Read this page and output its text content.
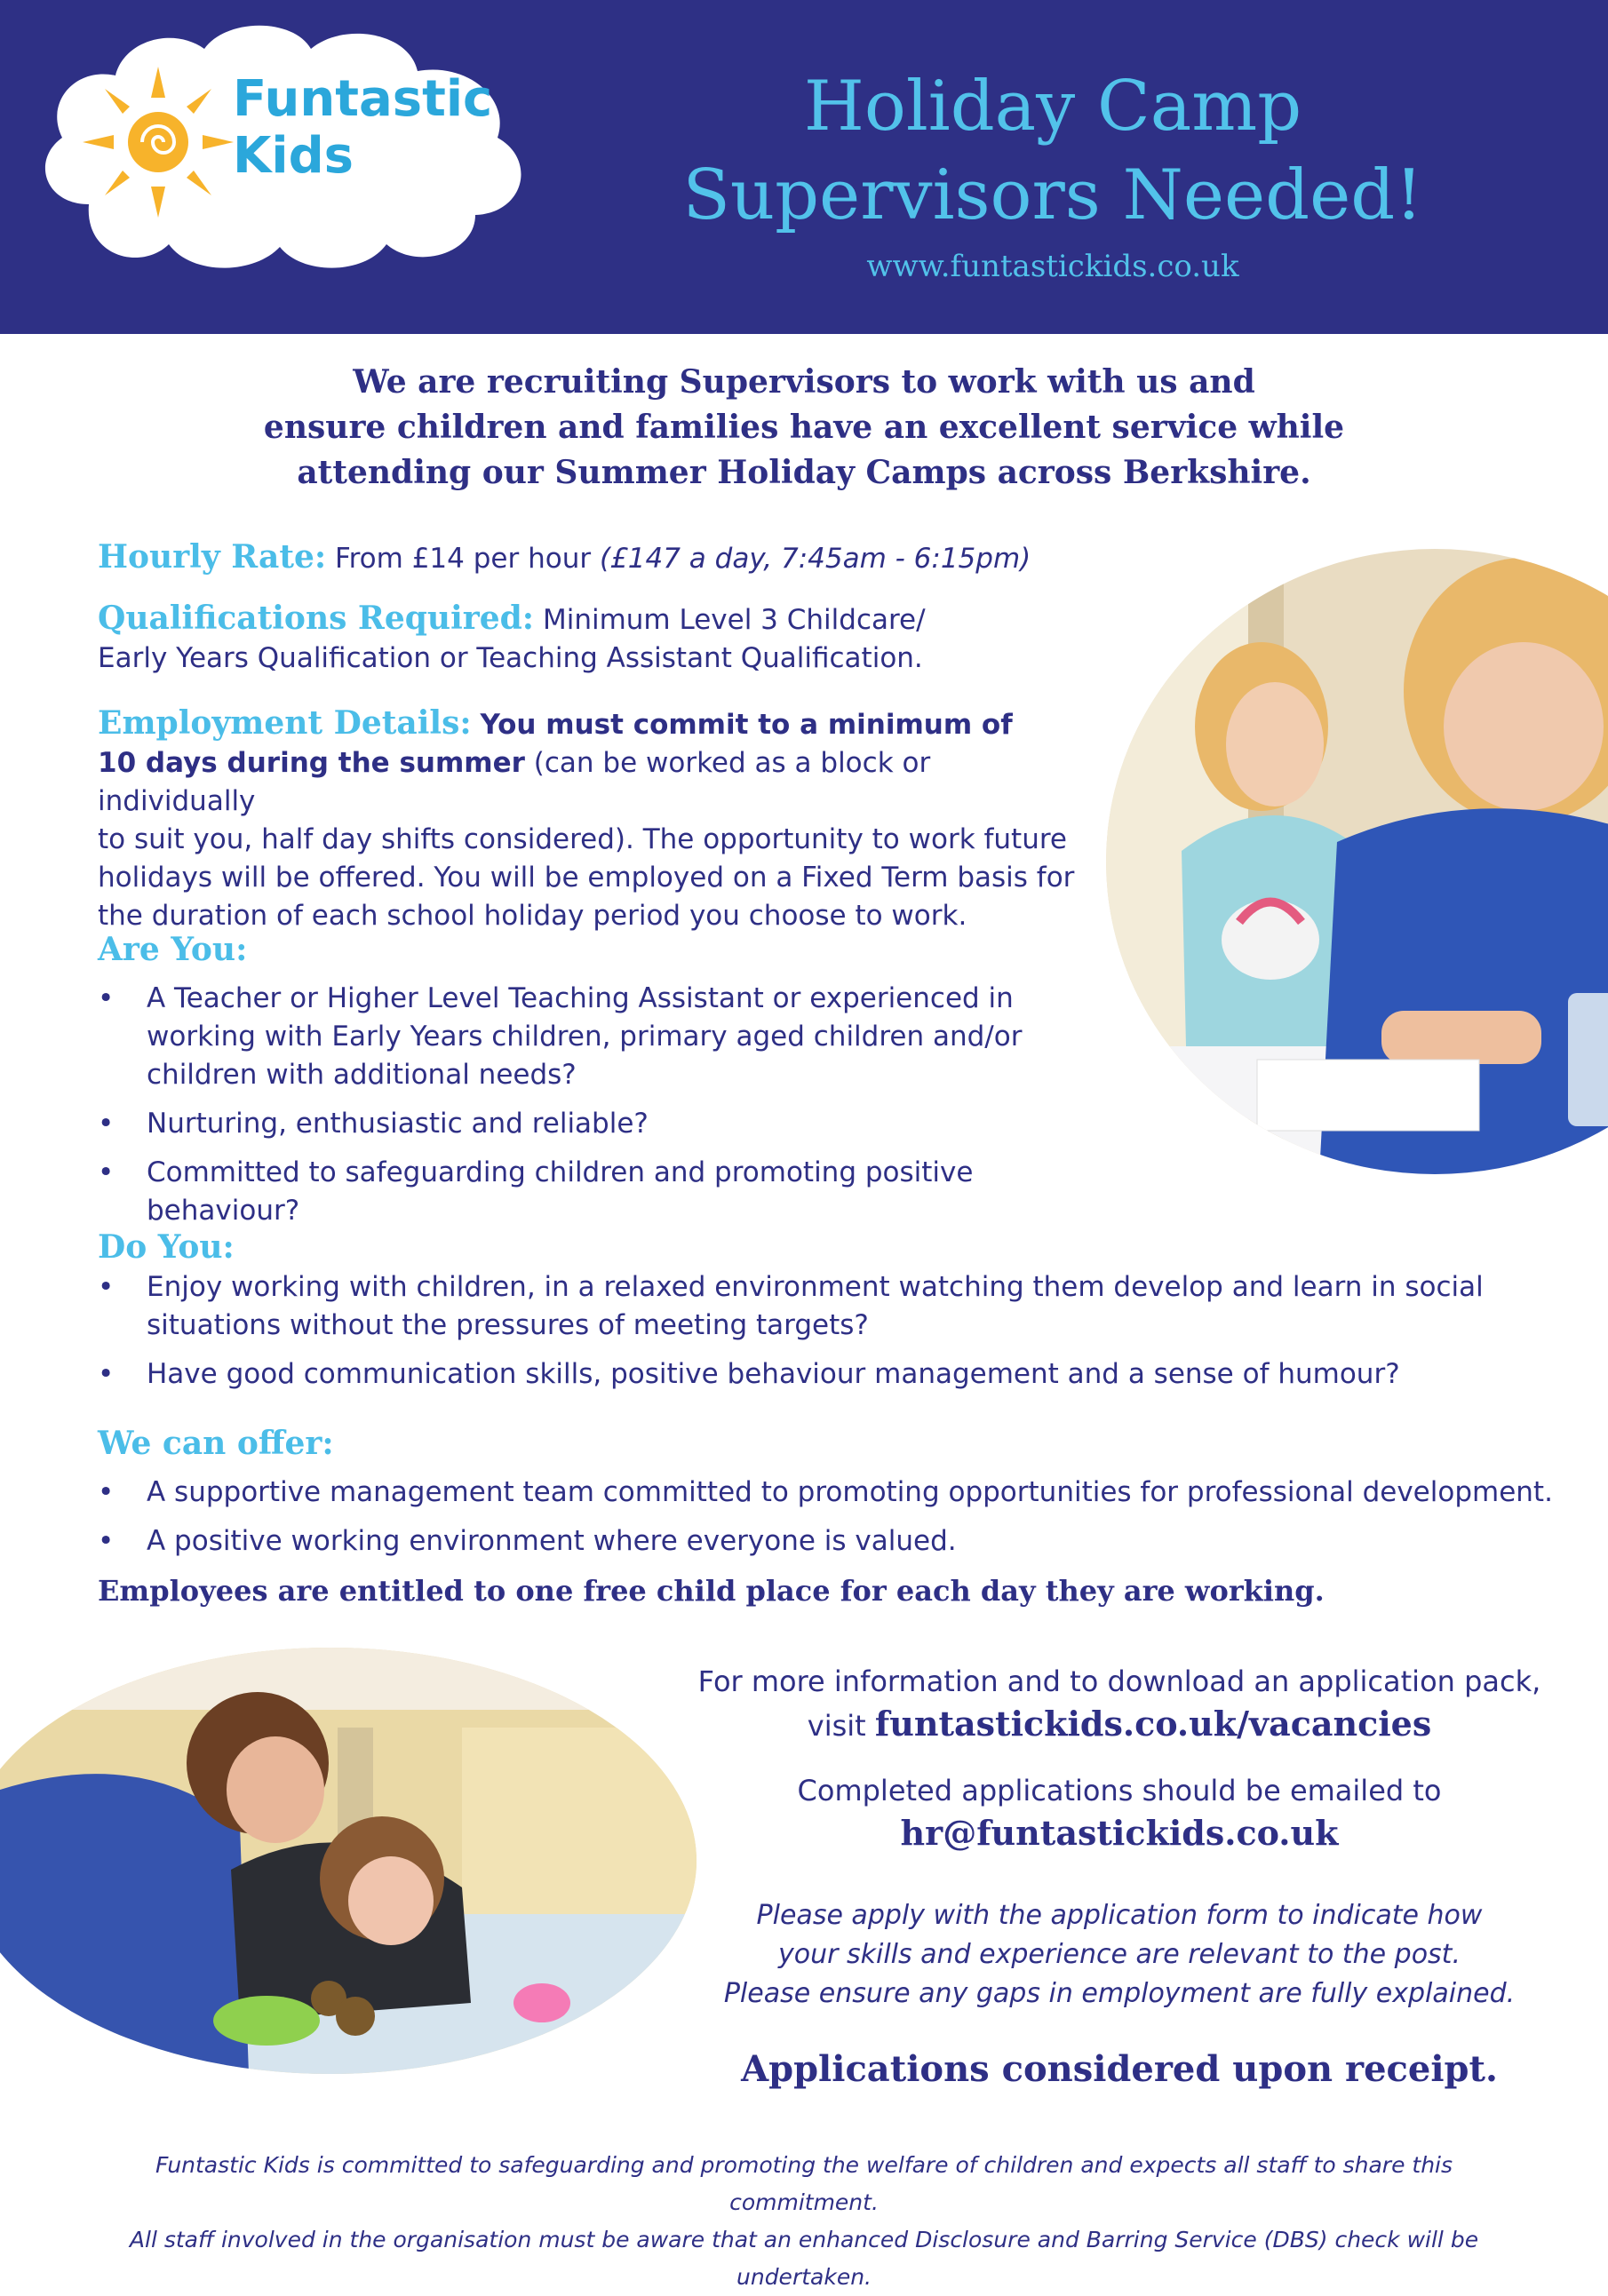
Funtastic
Kids
Holiday Camp
Supervisors Needed!
www.funtastickids.co.uk
We are recruiting Supervisors to work with us and
ensure children and families have an excellent service while
attending our Summer Holiday Camps across Berkshire.
Hourly Rate: From £14 per hour (£147 a day, 7:45am - 6:15pm)
Qualifications Required: Minimum Level 3 Childcare/
Early Years Qualification or Teaching Assistant Qualification.
Employment Details: You must commit to a minimum of
10 days during the summer (can be worked as a block or individually
to suit you, half day shifts considered). The opportunity to work future
holidays will be offered. You will be employed on a Fixed Term basis for
the duration of each school holiday period you choose to work.
Are You:
• A Teacher or Higher Level Teaching Assistant or experienced in
working with Early Years children, primary aged children and/or
children with additional needs?
• Nurturing, enthusiastic and reliable?
• Committed to safeguarding children and promoting positive behaviour?
Do You:
• Enjoy working with children, in a relaxed environment watching them develop and learn in social
situations without the pressures of meeting targets?
• Have good communication skills, positive behaviour management and a sense of humour?
We can offer:
• A supportive management team committed to promoting opportunities for professional development.
• A positive working environment where everyone is valued.
Employees are entitled to one free child place for each day they are working.
For more information and to download an application pack,
visit funtastickids.co.uk/vacancies
Completed applications should be emailed to
hr@funtastickids.co.uk
Please apply with the application form to indicate how
your skills and experience are relevant to the post.
Please ensure any gaps in employment are fully explained.
Applications considered upon receipt.
Funtastic Kids is committed to safeguarding and promoting the welfare of children and expects all staff to share this commitment.
All staff involved in the organisation must be aware that an enhanced Disclosure and Barring Service (DBS) check will be undertaken.
